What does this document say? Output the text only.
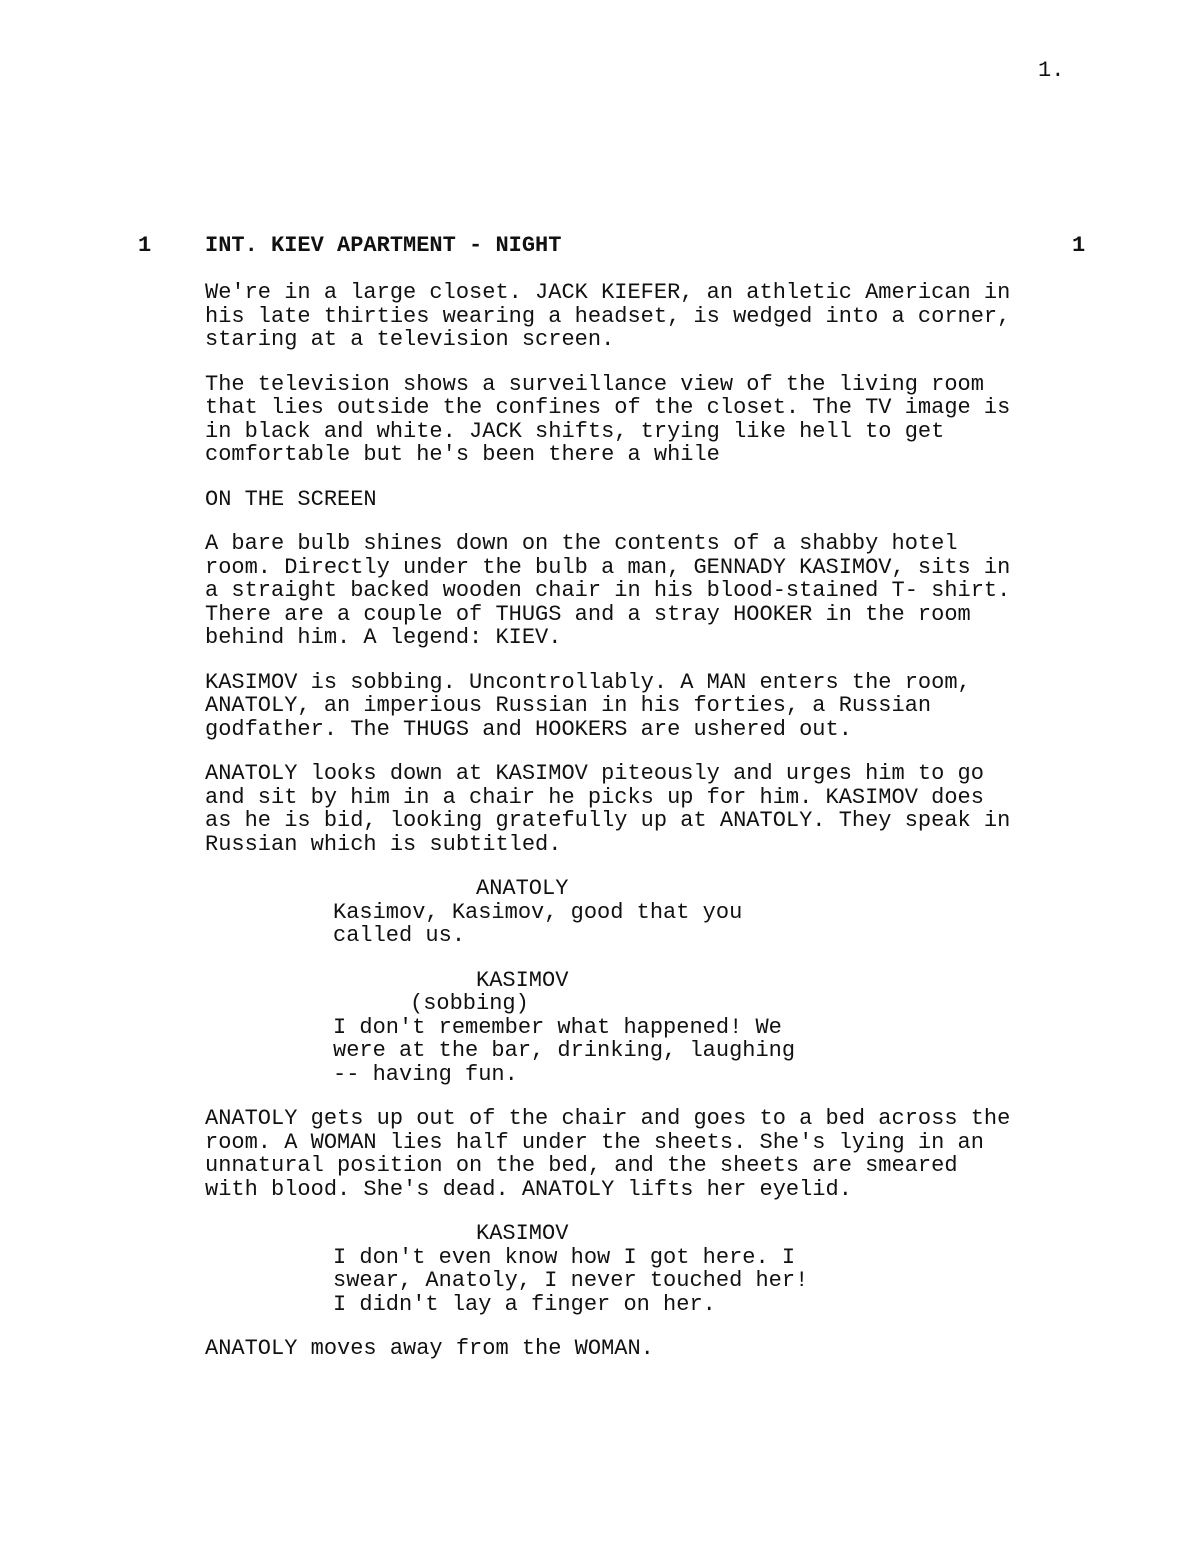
1.
1 INT. KIEV APARTMENT - NIGHT	1

We're in a large closet. JACK KIEFER, an athletic American in
his late thirties wearing a headset, is wedged into a corner,
staring at a television screen.

The television shows a surveillance view of the living room
that lies outside the confines of the closet. The TV image is
in black and white. JACK shifts, trying like hell to get
comfortable but he's been there a while

ON THE SCREEN

A bare bulb shines down on the contents of a shabby hotel
room. Directly under the bulb a man, GENNADY KASIMOV, sits in
a straight backed wooden chair in his blood-stained T- shirt.
There are a couple of THUGS and a stray HOOKER in the room
behind him. A legend: KIEV.

KASIMOV is sobbing. Uncontrollably. A MAN enters the room,
ANATOLY, an imperious Russian in his forties, a Russian
godfather. The THUGS and HOOKERS are ushered out.

ANATOLY looks down at KASIMOV piteously and urges him to go
and sit by him in a chair he picks up for him. KASIMOV does
as he is bid, looking gratefully up at ANATOLY. They speak in
Russian which is subtitled.

ANATOLY
Kasimov, Kasimov, good that you
called us.
KASIMOV
(sobbing)
I don't remember what happened! We
were at the bar, drinking, laughing
-- having fun.

ANATOLY gets up out of the chair and goes to a bed across the
room. A WOMAN lies half under the sheets. She's lying in an
unnatural position on the bed, and the sheets are smeared
with blood. She's dead. ANATOLY lifts her eyelid.

KASIMOV
I don't even know how I got here. I
swear, Anatoly, I never touched her!
I didn't lay a finger on her.

ANATOLY moves away from the WOMAN.
